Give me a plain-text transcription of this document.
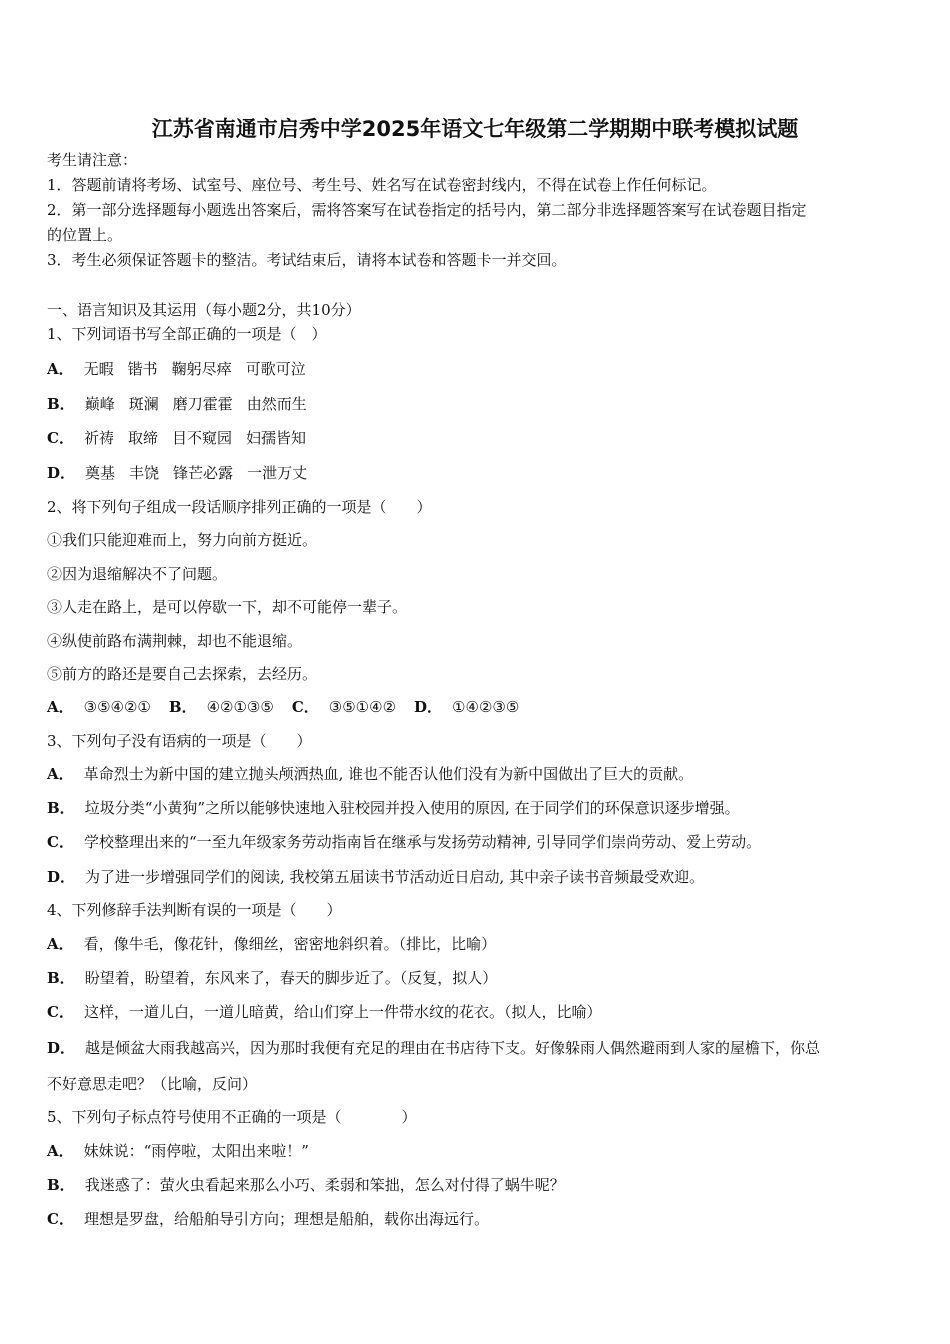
江苏省南通市启秀中学2025年语文七年级第二学期期中联考模拟试题
考生请注意：
1．答题前请将考场、试室号、座位号、考生号、姓名写在试卷密封线内，不得在试卷上作任何标记。
2．第一部分选择题每小题选出答案后，需将答案写在试卷指定的括号内，第二部分非选择题答案写在试卷题目指定
的位置上。
3．考生必须保证答题卡的整洁。考试结束后，请将本试卷和答题卡一并交回。
一、语言知识及其运用（每小题2分，共10分）
1、下列词语书写全部正确的一项是（　）
A． 无暇 锴书 鞠躬尽瘁 可歌可泣
B． 巅峰 斑澜 磨刀霍霍 由然而生
C． 祈祷 取缔 目不窥园 妇孺皆知
D． 奠基 丰饶 锋芒必露 一泄万丈
2、将下列句子组成一段话顺序排列正确的一项是（　　）
①我们只能迎难而上，努力向前方挺近。
②因为退缩解决不了问题。
③人走在路上，是可以停歇一下，却不可能停一辈子。
④纵使前路布满荆棘，却也不能退缩。
⑤前方的路还是要自己去探索，去经历。
A． ③⑤④②① B． ④②①③⑤ C． ③⑤①④② D． ①④②③⑤
3、下列句子没有语病的一项是（　　）
A． 革命烈士为新中国的建立抛头颅洒热血, 谁也不能否认他们没有为新中国做出了巨大的贡献。
B． 垃圾分类“小黄狗”之所以能够快速地入驻校园并投入使用的原因, 在于同学们的环保意识逐步增强。
C． 学校整理出来的“一至九年级家务劳动指南旨在继承与发扬劳动精神, 引导同学们崇尚劳动、爱上劳动。
D． 为了进一步增强同学们的阅读, 我校第五届读书节活动近日启动, 其中亲子读书音频最受欢迎。
4、下列修辞手法判断有误的一项是（　　）
A． 看，像牛毛，像花针，像细丝，密密地斜织着。（排比，比喻）
B． 盼望着，盼望着，东风来了，春天的脚步近了。（反复，拟人）
C． 这样，一道儿白，一道儿暗黄，给山们穿上一件带水纹的花衣。（拟人，比喻）
D． 越是倾盆大雨我越高兴，因为那时我便有充足的理由在书店待下支。好像躲雨人偶然避雨到人家的屋檐下，你总
不好意思走吧？（比喻，反问）
5、下列句子标点符号使用不正确的一项是（　　　　）
A． 妹妹说：“雨停啦，太阳出来啦！”
B． 我迷惑了：萤火虫看起来那么小巧、柔弱和笨拙，怎么对付得了蜗牛呢？
C． 理想是罗盘，给船舶导引方向；理想是船舶，载你出海远行。
